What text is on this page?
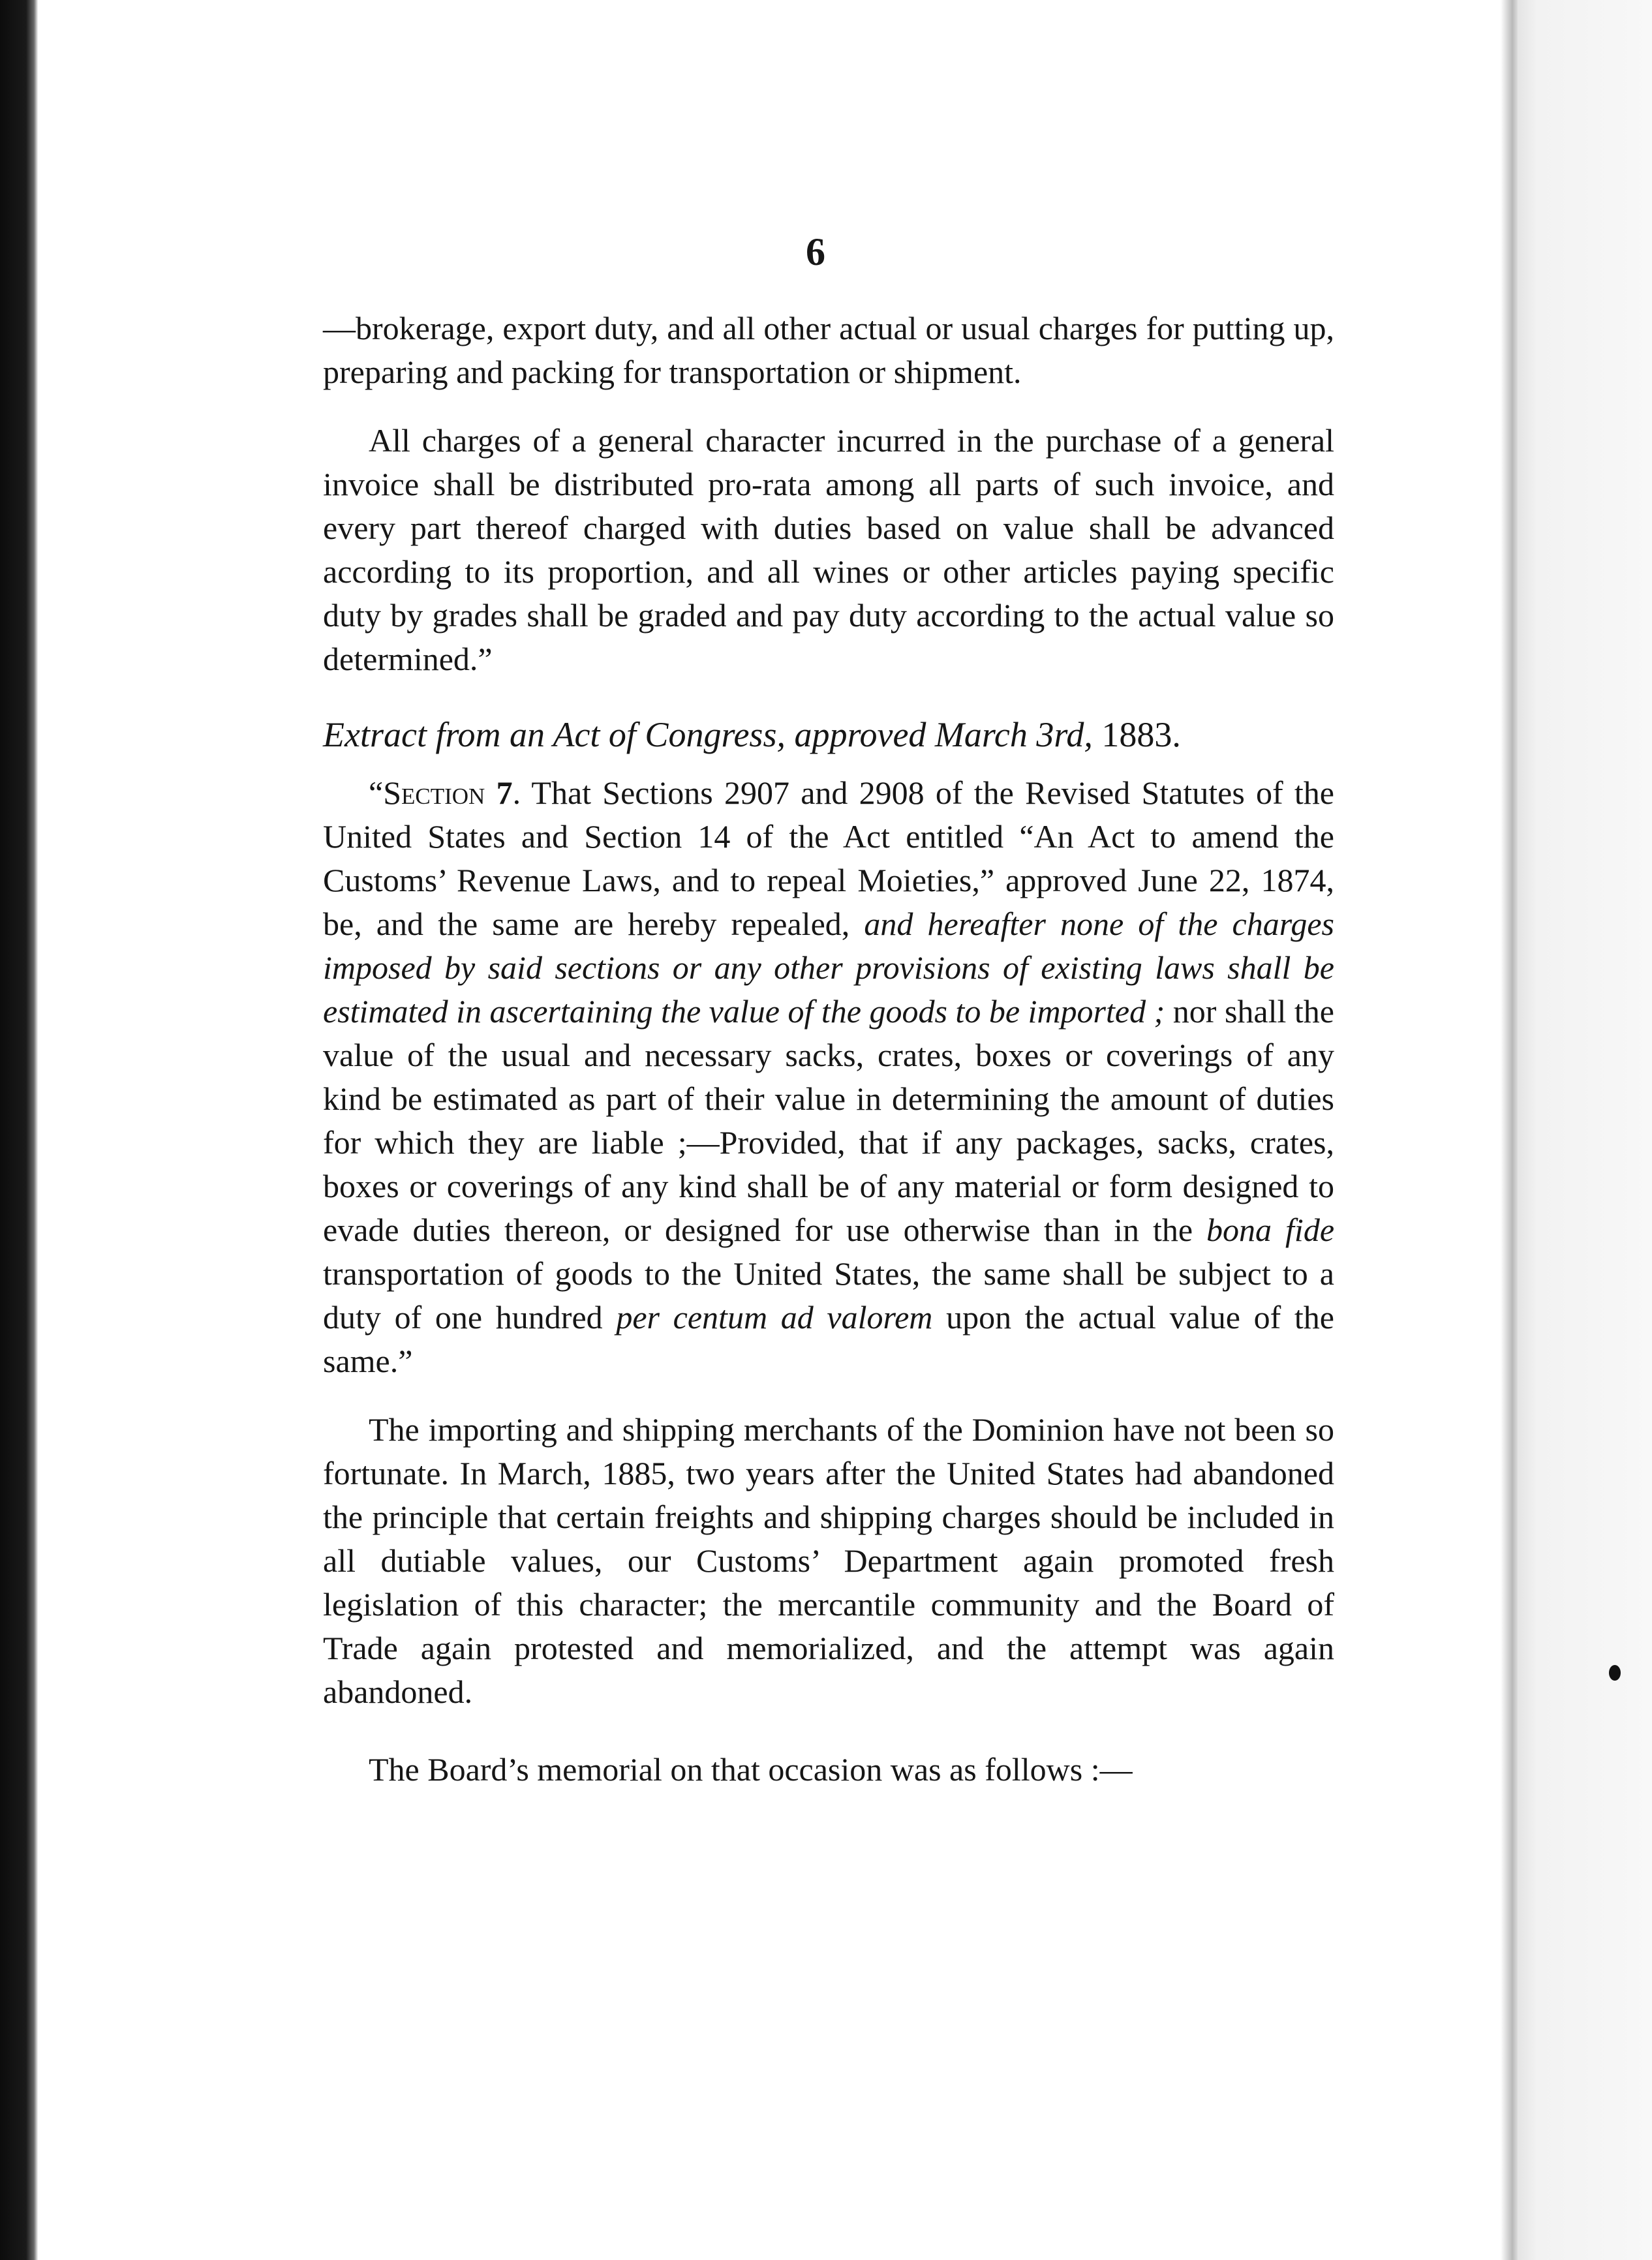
6

—brokerage, export duty, and all other actual or usual charges for putting up, preparing and packing for transportation or shipment.

All charges of a general character incurred in the purchase of a general invoice shall be distributed pro-rata among all parts of such invoice, and every part thereof charged with duties based on value shall be advanced according to its proportion, and all wines or other articles paying specific duty by grades shall be graded and pay duty according to the actual value so determined.”

Extract from an Act of Congress, approved March 3rd, 1883.

“Section 7. That Sections 2907 and 2908 of the Revised Statutes of the United States and Section 14 of the Act entitled “An Act to amend the Customs’ Revenue Laws, and to repeal Moieties,” approved June 22, 1874, be, and the same are hereby repealed, and hereafter none of the charges imposed by said sections or any other provisions of existing laws shall be estimated in ascertaining the value of the goods to be imported ; nor shall the value of the usual and necessary sacks, crates, boxes or coverings of any kind be estimated as part of their value in determining the amount of duties for which they are liable ;—Provided, that if any packages, sacks, crates, boxes or coverings of any kind shall be of any material or form designed to evade duties thereon, or designed for use otherwise than in the bona fide transportation of goods to the United States, the same shall be subject to a duty of one hundred per centum ad valorem upon the actual value of the same.”

The importing and shipping merchants of the Dominion have not been so fortunate. In March, 1885, two years after the United States had abandoned the principle that certain freights and shipping charges should be included in all dutiable values, our Customs’ Department again promoted fresh legislation of this character; the mercantile community and the Board of Trade again protested and memorialized, and the attempt was again abandoned.

The Board’s memorial on that occasion was as follows :—
